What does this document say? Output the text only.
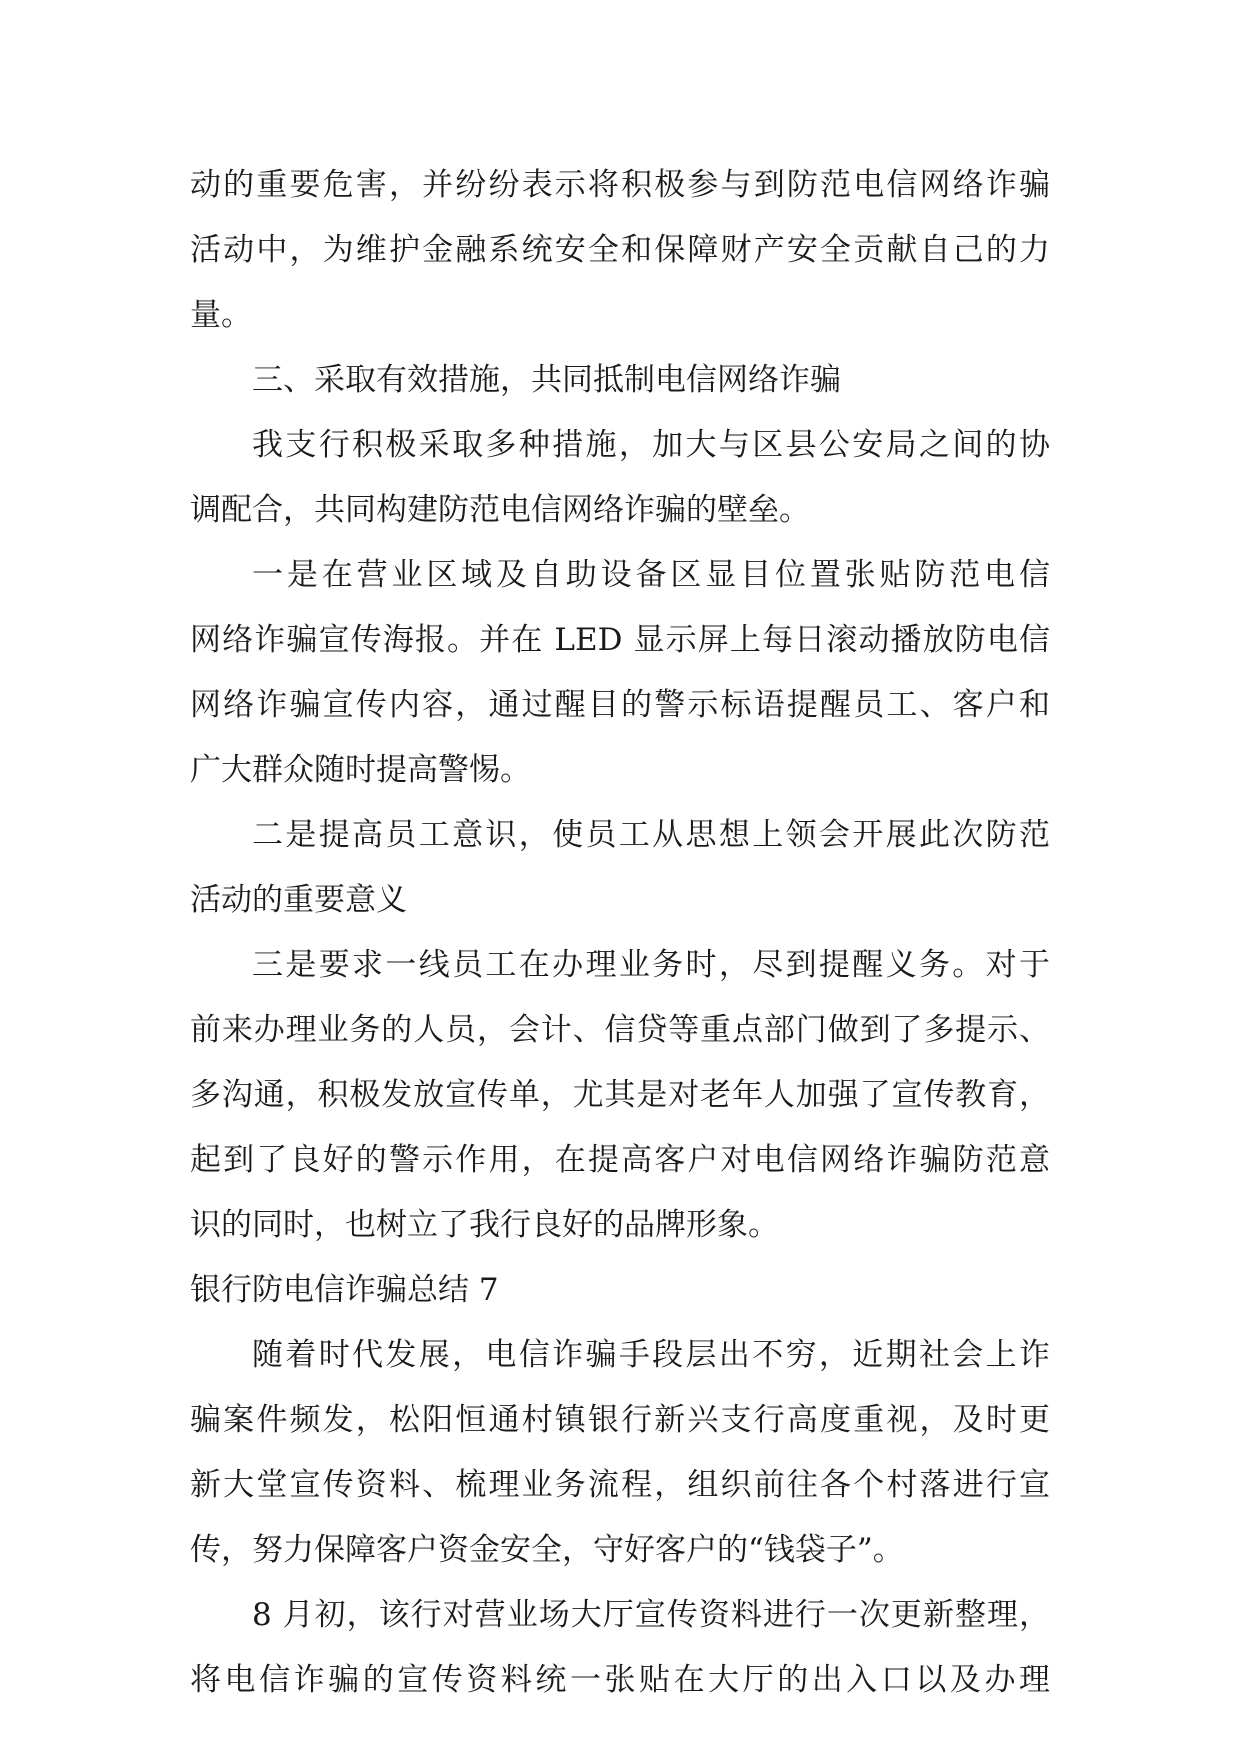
动的重要危害，并纷纷表示将积极参与到防范电信网络诈骗
活动中，为维护金融系统安全和保障财产安全贡献自己的力
量。
三、采取有效措施，共同抵制电信网络诈骗
我支行积极采取多种措施，加大与区县公安局之间的协
调配合，共同构建防范电信网络诈骗的壁垒。
一是在营业区域及自助设备区显目位置张贴防范电信
网络诈骗宣传海报。并在 LED 显示屏上每日滚动播放防电信
网络诈骗宣传内容，通过醒目的警示标语提醒员工、客户和
广大群众随时提高警惕。
二是提高员工意识，使员工从思想上领会开展此次防范
活动的重要意义
三是要求一线员工在办理业务时，尽到提醒义务。对于
前来办理业务的人员，会计、信贷等重点部门做到了多提示、
多沟通，积极发放宣传单，尤其是对老年人加强了宣传教育，
起到了良好的警示作用，在提高客户对电信网络诈骗防范意
识的同时，也树立了我行良好的品牌形象。
银行防电信诈骗总结 7
随着时代发展，电信诈骗手段层出不穷，近期社会上诈
骗案件频发，松阳恒通村镇银行新兴支行高度重视，及时更
新大堂宣传资料、梳理业务流程，组织前往各个村落进行宣
传，努力保障客户资金安全，守好客户的“钱袋子”。
8 月初，该行对营业场大厅宣传资料进行一次更新整理，
将电信诈骗的宣传资料统一张贴在大厅的出入口以及办理
